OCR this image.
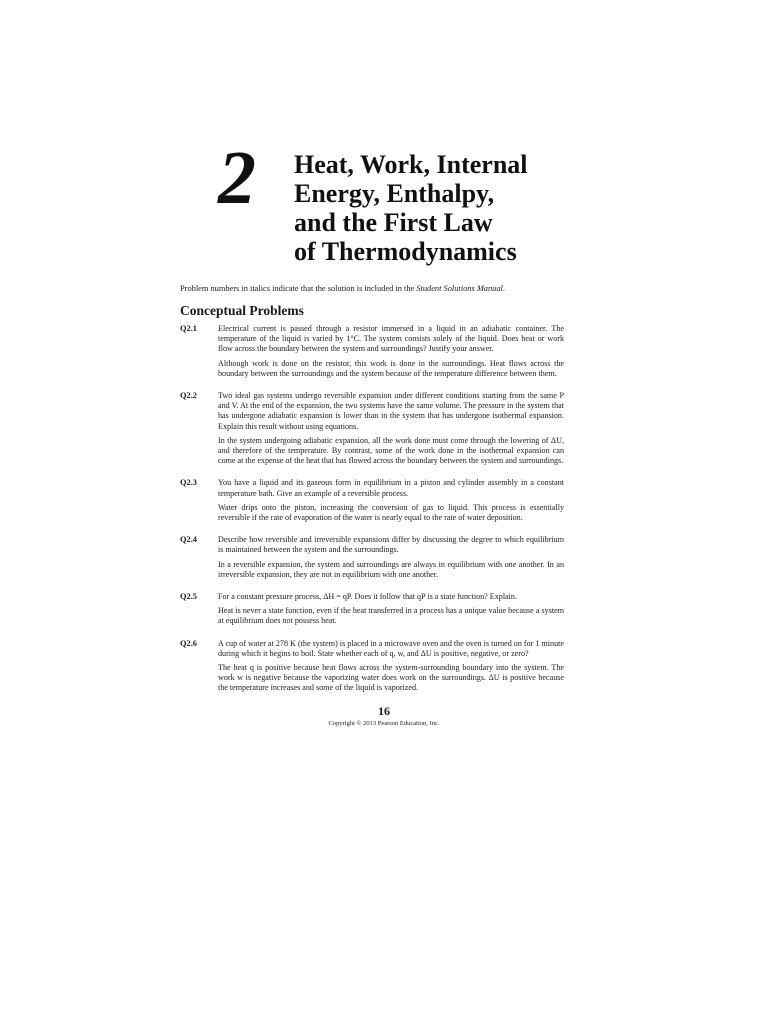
2 Heat, Work, Internal
Energy, Enthalpy,
and the First Law
of Thermodynamics
Problem numbers in italics indicate that the solution is included in the Student Solutions Manual.
Conceptual Problems
Q2.1	Electrical current is passed through a resistor immersed in a liquid in an adiabatic container. The temperature of the liquid is varied by 1°C. The system consists solely of the liquid. Does heat or work flow across the boundary between the system and surroundings? Justify your answer.

Although work is done on the resistor, this work is done in the surroundings. Heat flows across the boundary between the surroundings and the system because of the temperature difference between them.

Q2.2	Two ideal gas systems undergo reversible expansion under different conditions starting from the same P and V. At the end of the expansion, the two systems have the same volume. The pressure in the system that has undergone adiabatic expansion is lower than in the system that has undergone isothermal expansion. Explain this result without using equations.

In the system undergoing adiabatic expansion, all the work done must come through the lowering of ΔU, and therefore of the temperature. By contrast, some of the work done in the isothermal expansion can come at the expense of the heat that has flowed across the boundary between the system and surroundings.

Q2.3	You have a liquid and its gaseous form in equilibrium in a piston and cylinder assembly in a constant temperature bath. Give an example of a reversible process.

Water drips onto the piston, increasing the conversion of gas to liquid. This process is essentially reversible if the rate of evaporation of the water is nearly equal to the rate of water deposition.

Q2.4	Describe how reversible and irreversible expansions differ by discussing the degree to which equilibrium is maintained between the system and the surroundings.

In a reversible expansion, the system and surroundings are always in equilibrium with one another. In an irreversible expansion, they are not in equilibrium with one another.

Q2.5	For a constant pressure process, ΔH = qP. Does it follow that qP is a state function? Explain.

Heat is never a state function, even if the heat transferred in a process has a unique value because a system at equilibrium does not possess heat.

Q2.6	A cup of water at 278 K (the system) is placed in a microwave oven and the oven is turned on for 1 minute during which it begins to boil. State whether each of q, w, and ΔU is positive, negative, or zero?

The heat q is positive because heat flows across the system-surrounding boundary into the system. The work w is negative because the vaporizing water does work on the surroundings. ΔU is positive because the temperature increases and some of the liquid is vaporized.

16
Copyright © 2013 Pearson Education, Inc.
